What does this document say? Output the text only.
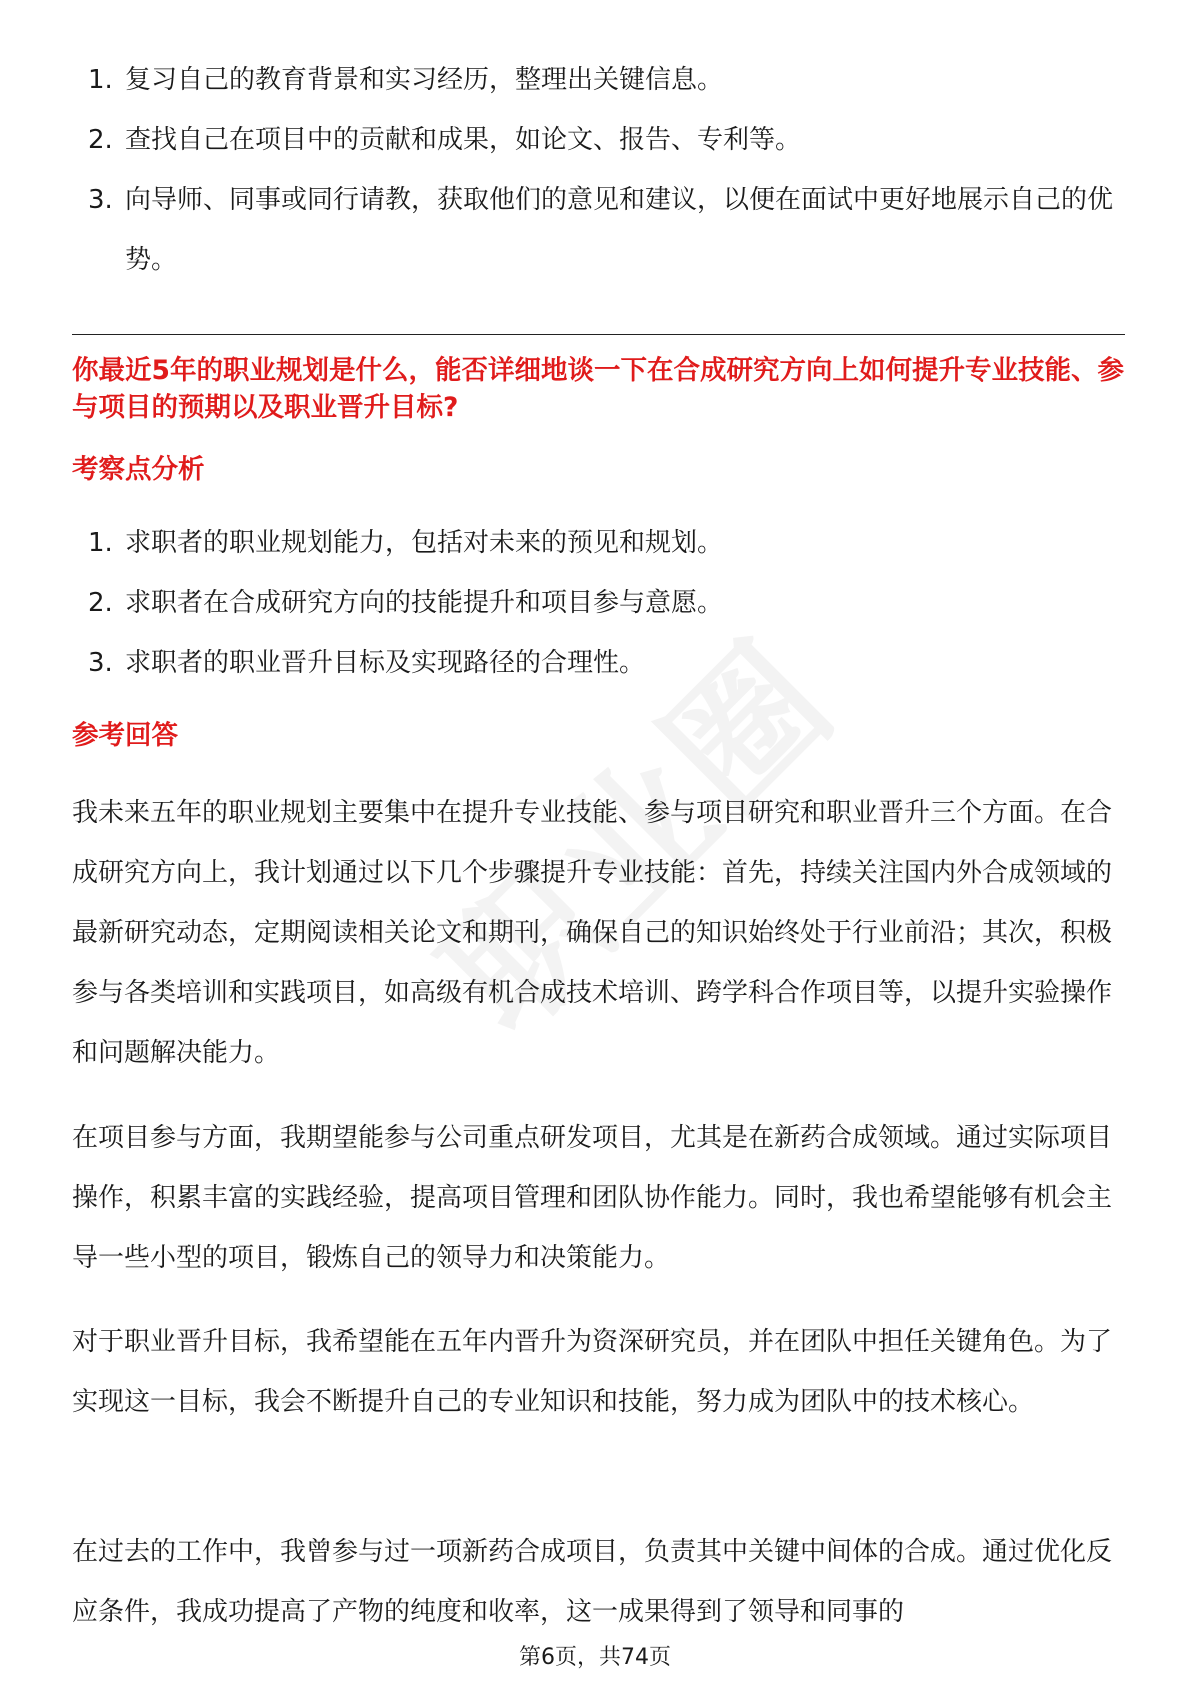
1. 复习自己的教育背景和实习经历，整理出关键信息。
2. 查找自己在项目中的贡献和成果，如论文、报告、专利等。
3. 向导师、同事或同行请教，获取他们的意见和建议，以便在面试中更好地展示自己的优势。
你最近5年的职业规划是什么，能否详细地谈一下在合成研究方向上如何提升专业技能、参与项目的预期以及职业晋升目标?
考察点分析
1. 求职者的职业规划能力，包括对未来的预见和规划。
2. 求职者在合成研究方向的技能提升和项目参与意愿。
3. 求职者的职业晋升目标及实现路径的合理性。
参考回答

我未来五年的职业规划主要集中在提升专业技能、参与项目研究和职业晋升三个方面。在合成研究方向上，我计划通过以下几个步骤提升专业技能：首先，持续关注国内外合成领域的最新研究动态，定期阅读相关论文和期刊，确保自己的知识始终处于行业前沿；其次，积极参与各类培训和实践项目，如高级有机合成技术培训、跨学科合作项目等，以提升实验操作和问题解决能力。

在项目参与方面，我期望能参与公司重点研发项目，尤其是在新药合成领域。通过实际项目操作，积累丰富的实践经验，提高项目管理和团队协作能力。同时，我也希望能够有机会主导一些小型的项目，锻炼自己的领导力和决策能力。

对于职业晋升目标，我希望能在五年内晋升为资深研究员，并在团队中担任关键角色。为了实现这一目标，我会不断提升自己的专业知识和技能，努力成为团队中的技术核心。

在过去的工作中，我曾参与过一项新药合成项目，负责其中关键中间体的合成。通过优化反应条件，我成功提高了产物的纯度和收率，这一成果得到了领导和同事的

第6页，共74页
